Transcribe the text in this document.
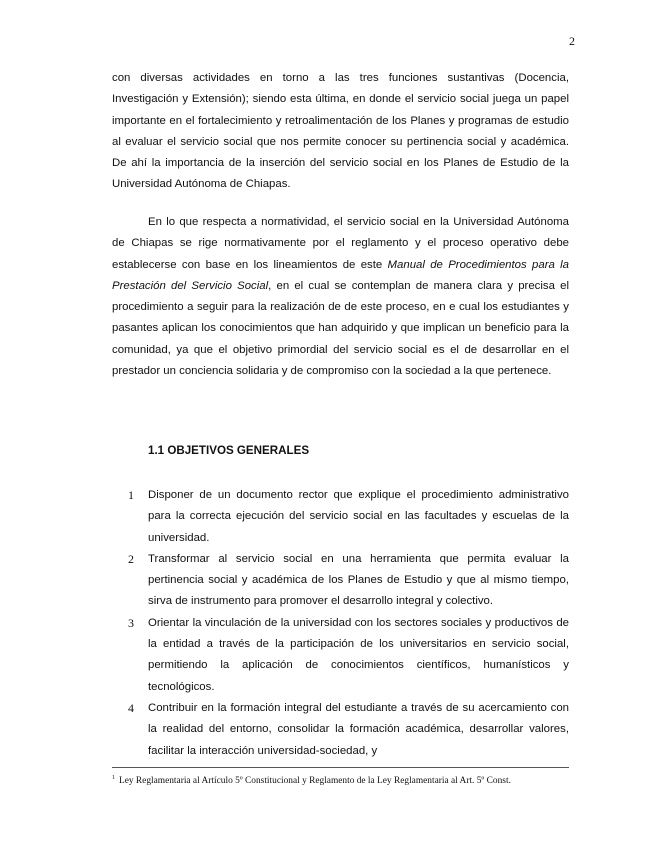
2

con diversas actividades en torno a las tres funciones sustantivas (Docencia, Investigación y Extensión); siendo esta última, en donde el servicio social juega un papel importante en el fortalecimiento y retroalimentación de los Planes y programas de estudio al evaluar el servicio social que nos permite conocer su pertinencia social y académica. De ahí la importancia de la inserción del servicio social en los Planes de Estudio de la Universidad Autónoma de Chiapas.

En lo que respecta a normatividad, el servicio social en la Universidad Autónoma de Chiapas se rige normativamente por el reglamento y el proceso operativo debe establecerse con base en los lineamientos de este Manual de Procedimientos para la Prestación del Servicio Social, en el cual se contemplan de manera clara y precisa el procedimiento a seguir para la realización de de este proceso, en e cual los estudiantes y pasantes aplican los conocimientos que han adquirido y que implican un beneficio para la comunidad, ya que el objetivo primordial del servicio social es el de desarrollar en el prestador un conciencia solidaria y de compromiso con la sociedad a la que pertenece.

1.1 OBJETIVOS GENERALES
1 Disponer de un documento rector que explique el procedimiento administrativo para la correcta ejecución del servicio social en las facultades y escuelas de la universidad.
2 Transformar al servicio social en una herramienta que permita evaluar la pertinencia social y académica de los Planes de Estudio y que al mismo tiempo, sirva de instrumento para promover el desarrollo integral y colectivo.
3 Orientar la vinculación de la universidad con los sectores sociales y productivos de la entidad a través de la participación de los universitarios en servicio social, permitiendo la aplicación de conocimientos científicos, humanísticos y tecnológicos.
4 Contribuir en la formación integral del estudiante a través de su acercamiento con la realidad del entorno, consolidar la formación académica, desarrollar valores, facilitar la interacción universidad-sociedad, y
$^1$ Ley Reglamentaria al Artículo 5º Constitucional y Reglamento de la Ley Reglamentaria al Art. 5º Const.
